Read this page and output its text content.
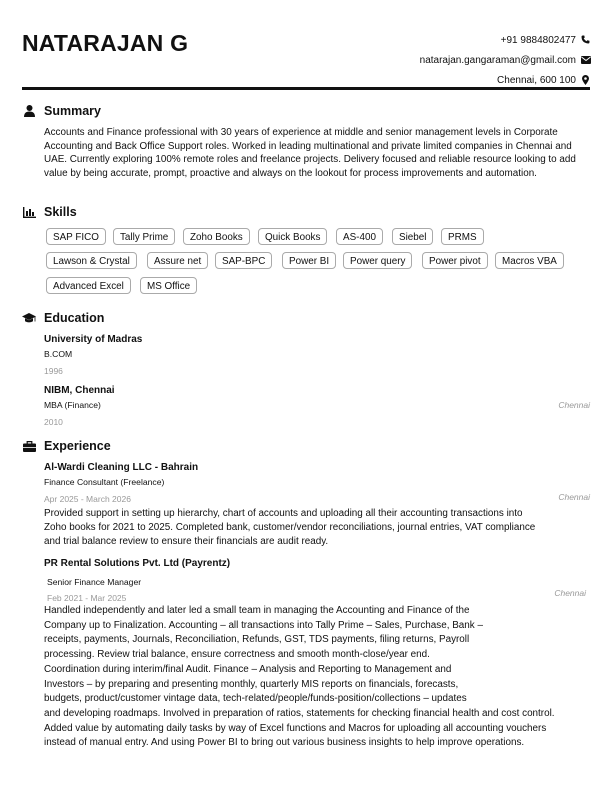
NATARAJAN G	+91 9884802477
natarajan.gangaraman@gmail.com
Chennai, 600 100
Summary
Accounts and Finance professional with 30 years of experience at middle and senior management levels in Corporate Accounting and Back Office Support roles. Worked in leading multinational and private limited companies in Chennai and UAE. Currently exploring 100% remote roles and freelance projects. Delivery focused and reliable resource looking to add value by being accurate, prompt, proactive and always on the lookout for process improvements and automation.
Skills
SAP FICO	Tally Prime	Zoho Books	Quick Books	AS-400	Siebel	PRMS
Lawson & Crystal	Assure net	SAP-BPC	Power BI	Power query	Power pivot	Macros VBA
Advanced Excel	MS Office
Education
University of Madras
B.COM
1996
NIBM, Chennai
MBA (Finance)	Chennai
2010
Experience
Al-Wardi Cleaning LLC - Bahrain
Finance Consultant (Freelance)
Chennai
Apr 2025 - March 2026
Provided support in setting up hierarchy, chart of accounts and uploading all their accounting transactions into
Zoho books for 2021 to 2025. Completed bank, customer/vendor reconciliations, journal entries, VAT compliance
and trial balance review to ensure their financials are audit ready.
PR Rental Solutions Pvt. Ltd (Payrentz)
Senior Finance Manager
Chennai
Feb 2021 - Mar 2025
Handled independently and later led a small team in managing the Accounting and Finance of the
Company up to Finalization. Accounting – all transactions into Tally Prime – Sales, Purchase, Bank –
receipts, payments, Journals, Reconciliation, Refunds, GST, TDS payments, filing returns, Payroll
processing. Review trial balance, ensure correctness and smooth month-close/year end.
Coordination during interim/final Audit. Finance – Analysis and Reporting to Management and
Investors – by preparing and presenting monthly, quarterly MIS reports on financials, forecasts,
budgets, product/customer vintage data, tech-related/people/funds-position/collections – updates
and developing roadmaps. Involved in preparation of ratios, statements for checking financial health and cost control.
Added value by automating daily tasks by way of Excel functions and Macros for uploading all accounting vouchers
instead of manual entry. And using Power BI to bring out various business insights to help improve operations.
